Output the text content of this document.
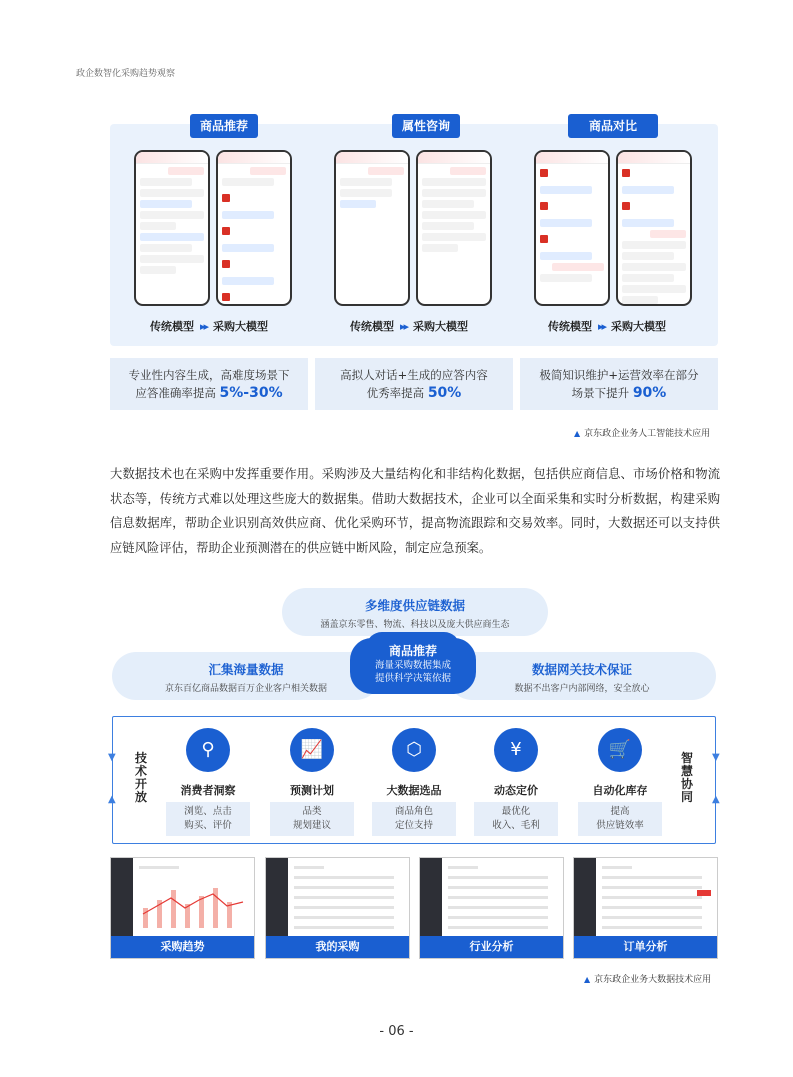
政企数智化采购趋势观察
商品推荐
传统模型 ▸▸ 采购大模型
属性咨询
传统模型 ▸▸ 采购大模型
商品对比
传统模型 ▸▸ 采购大模型
专业性内容生成，高难度场景下
应答准确率提高 5%-30%
高拟人对话+生成的应答内容
优秀率提高 50%
极简知识维护+运营效率在部分
场景下提升 90%
▲ 京东政企业务人工智能技术应用
大数据技术也在采购中发挥重要作用。采购涉及大量结构化和非结构化数据，包括供应商信息、市场价格和物流状态等，传统方式难以处理这些庞大的数据集。借助大数据技术，企业可以全面采集和实时分析数据，构建采购信息数据库，帮助企业识别高效供应商、优化采购环节，提高物流跟踪和交易效率。同时，大数据还可以支持供应链风险评估，帮助企业预测潜在的供应链中断风险，制定应急预案。
多维度供应链数据
涵盖京东零售、物流、科技以及庞大供应商生态
汇集海量数据
京东百亿商品数据百万企业客户相关数据
数据网关技术保证
数据不出客户内部网络，安全放心
商品推荐
海量采购数据集成
提供科学决策依据
▼
▲
▼
▲
技
术
开
放
智
慧
协
同
⚲
消费者洞察
浏览、点击
购买、评价
📈
预测计划
品类
规划建议
⬡
大数据选品
商品角色
定位支持
¥
动态定价
最优化
收入、毛利
🛒
自动化库存
提高
供应链效率
采购趋势	我的采购	行业分析	订单分析
▲ 京东政企业务大数据技术应用
- 06 -
